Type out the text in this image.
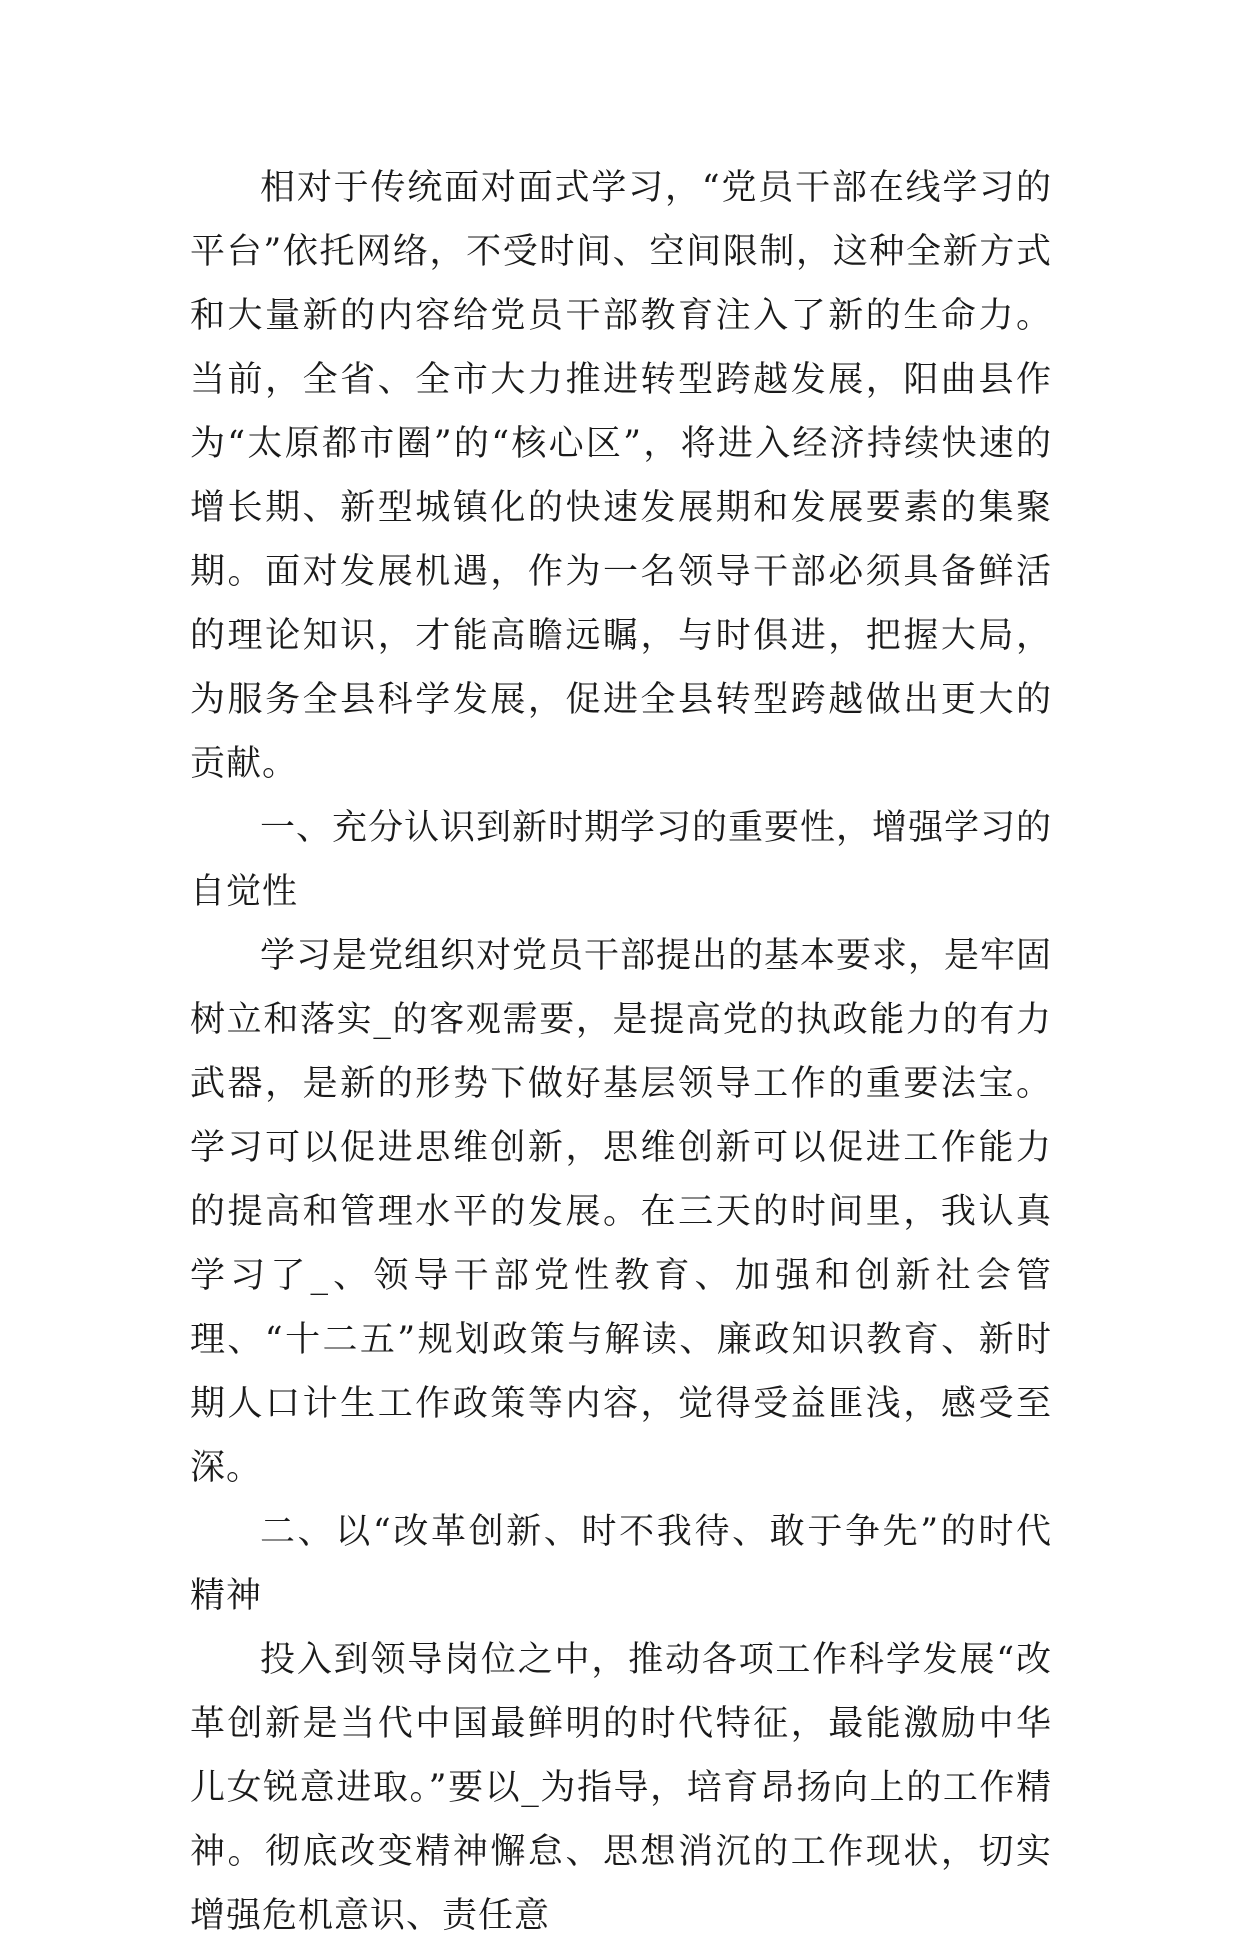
相对于传统面对面式学习，“党员干部在线学习的平台”依托网络，不受时间、空间限制，这种全新方式和大量新的内容给党员干部教育注入了新的生命力。当前，全省、全市大力推进转型跨越发展，阳曲县作为“太原都市圈”的“核心区”，将进入经济持续快速的增长期、新型城镇化的快速发展期和发展要素的集聚期。面对发展机遇，作为一名领导干部必须具备鲜活的理论知识，才能高瞻远瞩，与时俱进，把握大局，为服务全县科学发展，促进全县转型跨越做出更大的贡献。

一、充分认识到新时期学习的重要性，增强学习的自觉性

学习是党组织对党员干部提出的基本要求，是牢固树立和落实_的客观需要，是提高党的执政能力的有力武器，是新的形势下做好基层领导工作的重要法宝。学习可以促进思维创新，思维创新可以促进工作能力的提高和管理水平的发展。在三天的时间里，我认真学习了_、领导干部党性教育、加强和创新社会管理、“十二五”规划政策与解读、廉政知识教育、新时期人口计生工作政策等内容，觉得受益匪浅，感受至深。

二、以“改革创新、时不我待、敢于争先”的时代精神

投入到领导岗位之中，推动各项工作科学发展“改革创新是当代中国最鲜明的时代特征，最能激励中华儿女锐意进取。”要以_为指导，培育昂扬向上的工作精神。彻底改变精神懈怠、思想消沉的工作现状，切实增强危机意识、责任意
